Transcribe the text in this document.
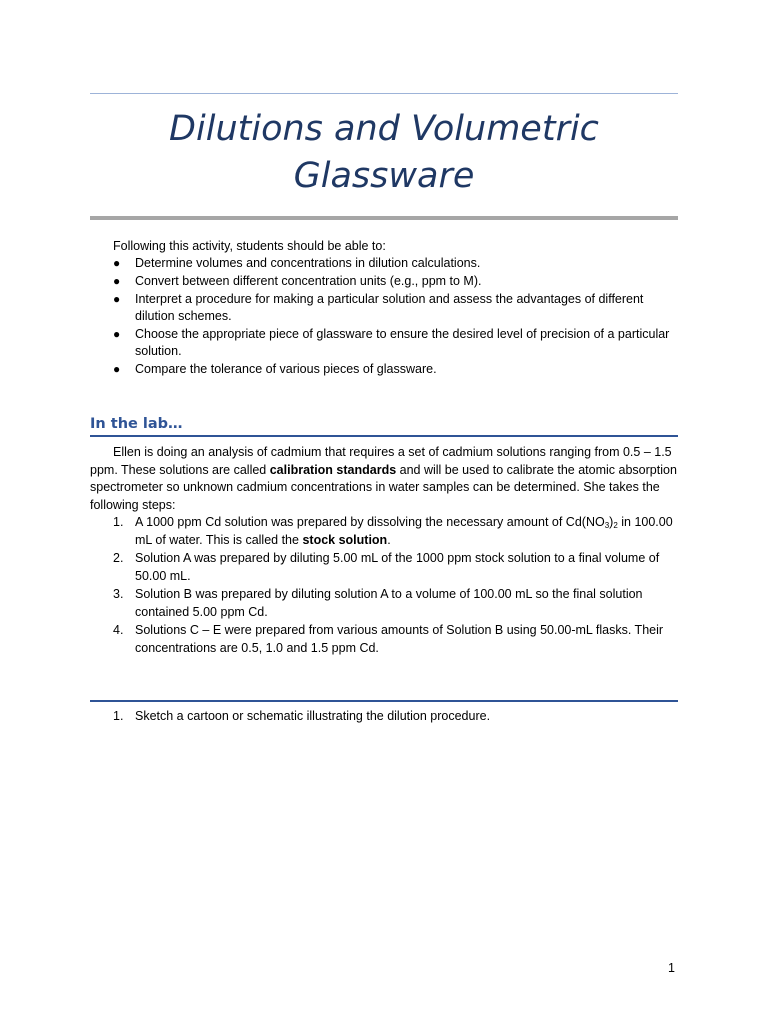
Dilutions and Volumetric
Glassware
Following this activity, students should be able to:
● Determine volumes and concentrations in dilution calculations.
● Convert between different concentration units (e.g., ppm to M).
● Interpret a procedure for making a particular solution and assess the advantages of different dilution schemes.
● Choose the appropriate piece of glassware to ensure the desired level of precision of a particular solution.
● Compare the tolerance of various pieces of glassware.
In the lab…

Ellen is doing an analysis of cadmium that requires a set of cadmium solutions ranging from 0.5 – 1.5 ppm. These solutions are called calibration standards and will be used to calibrate the atomic absorption spectrometer so unknown cadmium concentrations in water samples can be determined. She takes the following steps:

1. A 1000 ppm Cd solution was prepared by dissolving the necessary amount of $Cd(NO_3)_2$ in 100.00 mL of water. This is called the stock solution.
2. Solution A was prepared by diluting 5.00 mL of the 1000 ppm stock solution to a final volume of 50.00 mL.
3. Solution B was prepared by diluting solution A to a volume of 100.00 mL so the final solution contained 5.00 ppm Cd.
4. Solutions C – E were prepared from various amounts of Solution B using 50.00-mL flasks. Their concentrations are 0.5, 1.0 and 1.5 ppm Cd.
1. Sketch a cartoon or schematic illustrating the dilution procedure.
1
